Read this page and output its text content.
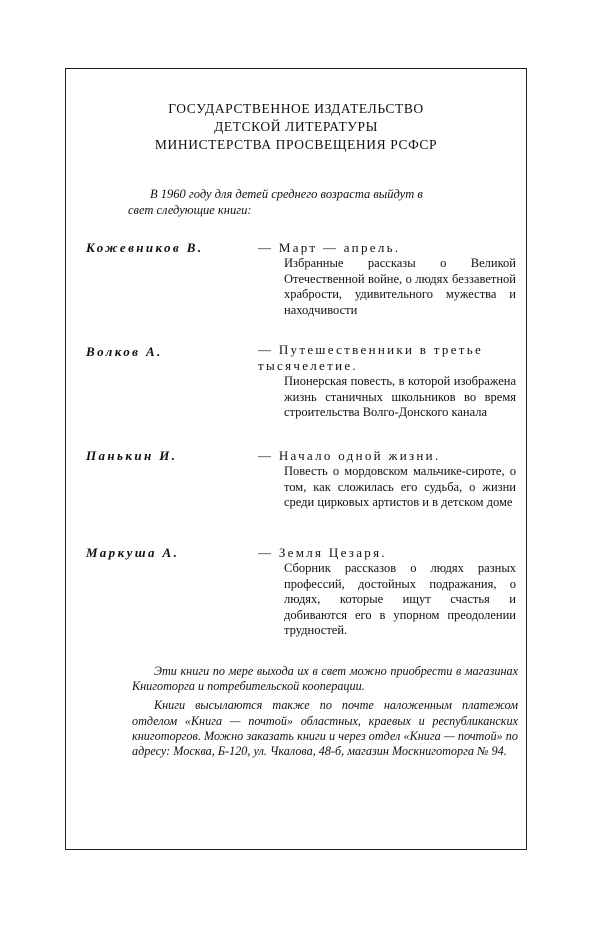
ГОСУДАРСТВЕННОЕ ИЗДАТЕЛЬСТВО
ДЕТСКОЙ ЛИТЕРАТУРЫ
МИНИСТЕРСТВА ПРОСВЕЩЕНИЯ РСФСР
В 1960 году для детей среднего возраста выйдут в
свет следующие книги:
Кожевников В.	— Март — апрель.
Избранные рассказы о Великой Отечественной войне, о людях беззаветной храбрости, удивительного мужества и находчивости
Волков А.	— Путешественники в третье тысячелетие.
Пионерская повесть, в которой изображена жизнь станичных школьников во время строительства Волго-Донского канала
Панькин И.	— Начало одной жизни.
Повесть о мордовском мальчике-сироте, о том, как сложилась его судьба, о жизни среди цирковых артистов и в детском доме
Маркуша А.	— Земля Цезаря.
Сборник рассказов о людях разных профессий, достойных подражания, о людях, которые ищут счастья и добиваются его в упорном преодолении трудностей.

Эти книги по мере выхода их в свет можно приобрести в магазинах Книготорга и потребительской кооперации.

Книги высылаются также по почте наложенным платежом отделом «Книга — почтой» областных, краевых и республиканских книготоргов. Можно заказать книги и через отдел «Книга — почтой» по адресу: Москва, Б-120, ул. Чкалова, 48-б, магазин Москниготорга № 94.
